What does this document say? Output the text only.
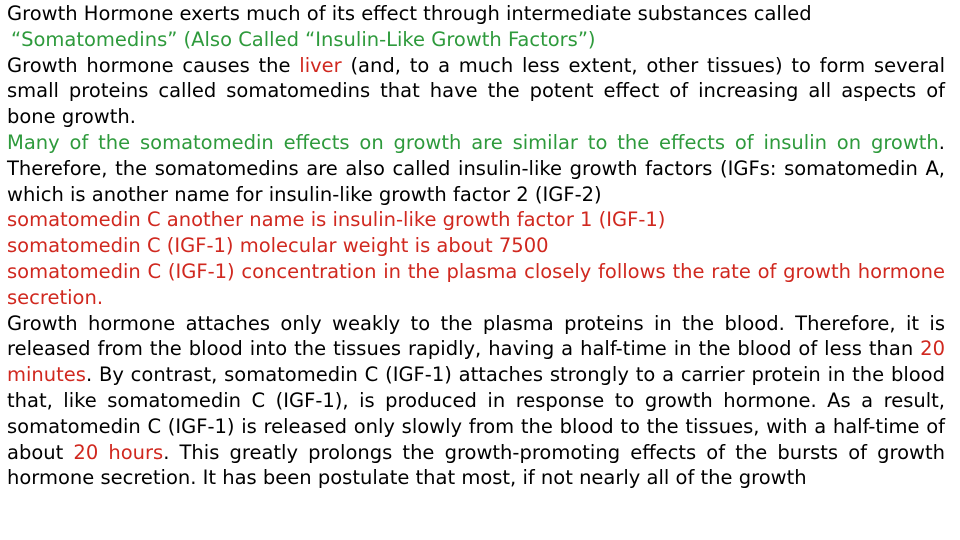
Growth Hormone exerts much of its effect through intermediate substances called
“Somatomedins” (Also Called “Insulin-Like Growth Factors”)

Growth hormone causes the liver (and, to a much less extent, other tissues) to form several small proteins called somatomedins that have the potent effect of increasing all aspects of bone growth.

Many of the somatomedin effects on growth are similar to the effects of insulin on growth. Therefore, the somatomedins are also called insulin-like growth factors (IGFs: somatomedin A, which is another name for insulin-like growth factor 2 (IGF-2)

somatomedin C another name is insulin-like growth factor 1 (IGF-1)

somatomedin C (IGF-1) molecular weight is about 7500

somatomedin C (IGF-1) concentration in the plasma closely follows the rate of growth hormone secretion.

Growth hormone attaches only weakly to the plasma proteins in the blood. Therefore, it is released from the blood into the tissues rapidly, having a half-time in the blood of less than 20 minutes. By contrast, somatomedin C (IGF-1) attaches strongly to a carrier protein in the blood that, like somatomedin C (IGF-1), is produced in response to growth hormone. As a result, somatomedin C (IGF-1) is released only slowly from the blood to the tissues, with a half-time of about 20 hours. This greatly prolongs the growth-promoting effects of the bursts of growth hormone secretion. It has been postulate that most, if not nearly all of the growth
